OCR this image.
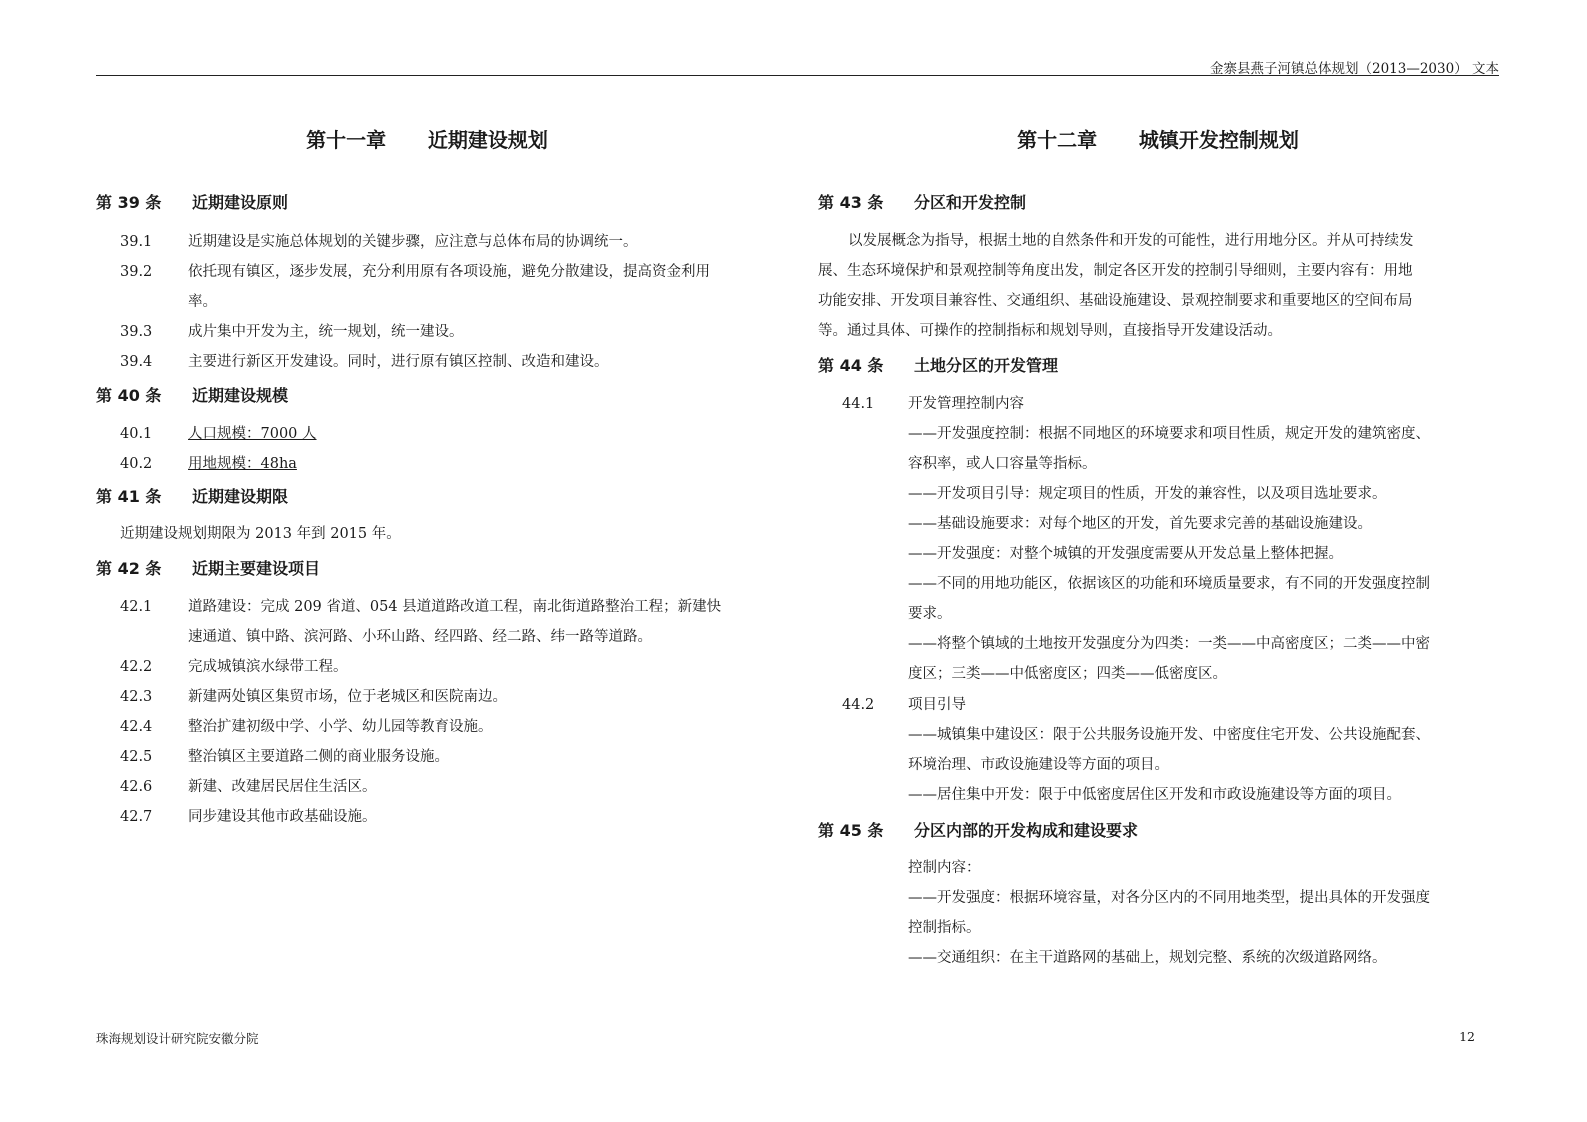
金寨县燕子河镇总体规划（2013—2030） 文本
第十一章      近期建设规划
第 39 条 近期建设原则
39.1 近期建设是实施总体规划的关键步骤，应注意与总体布局的协调统一。
39.2 依托现有镇区，逐步发展，充分利用原有各项设施，避免分散建设，提高资金利用
率。
39.3 成片集中开发为主，统一规划，统一建设。
39.4 主要进行新区开发建设。同时，进行原有镇区控制、改造和建设。
第 40 条 近期建设规模
40.1 人口规模：7000 人
40.2 用地规模：48ha
第 41 条 近期建设期限
近期建设规划期限为 2013 年到 2015 年。
第 42 条 近期主要建设项目
42.1 道路建设：完成 209 省道、054 县道道路改道工程，南北街道路整治工程；新建快
速通道、镇中路、滨河路、小环山路、经四路、经二路、纬一路等道路。
42.2 完成城镇滨水绿带工程。
42.3 新建两处镇区集贸市场，位于老城区和医院南边。
42.4 整治扩建初级中学、小学、幼儿园等教育设施。
42.5 整治镇区主要道路二侧的商业服务设施。
42.6 新建、改建居民居住生活区。
42.7 同步建设其他市政基础设施。
第十二章      城镇开发控制规划
第 43 条 分区和开发控制
以发展概念为指导，根据土地的自然条件和开发的可能性，进行用地分区。并从可持续发
展、生态环境保护和景观控制等角度出发，制定各区开发的控制引导细则，主要内容有：用地
功能安排、开发项目兼容性、交通组织、基础设施建设、景观控制要求和重要地区的空间布局
等。通过具体、可操作的控制指标和规划导则，直接指导开发建设活动。
第 44 条 土地分区的开发管理
44.1 开发管理控制内容
——开发强度控制：根据不同地区的环境要求和项目性质，规定开发的建筑密度、
容积率，或人口容量等指标。
——开发项目引导：规定项目的性质，开发的兼容性，以及项目选址要求。
——基础设施要求：对每个地区的开发，首先要求完善的基础设施建设。
——开发强度：对整个城镇的开发强度需要从开发总量上整体把握。
——不同的用地功能区，依据该区的功能和环境质量要求，有不同的开发强度控制
要求。
——将整个镇域的土地按开发强度分为四类：一类——中高密度区；二类——中密
度区；三类——中低密度区；四类——低密度区。
44.2 项目引导
——城镇集中建设区：限于公共服务设施开发、中密度住宅开发、公共设施配套、
环境治理、市政设施建设等方面的项目。
——居住集中开发：限于中低密度居住区开发和市政设施建设等方面的项目。
第 45 条 分区内部的开发构成和建设要求
控制内容：
——开发强度：根据环境容量，对各分区内的不同用地类型，提出具体的开发强度
控制指标。
——交通组织：在主干道路网的基础上，规划完整、系统的次级道路网络。
珠海规划设计研究院安徽分院	12
